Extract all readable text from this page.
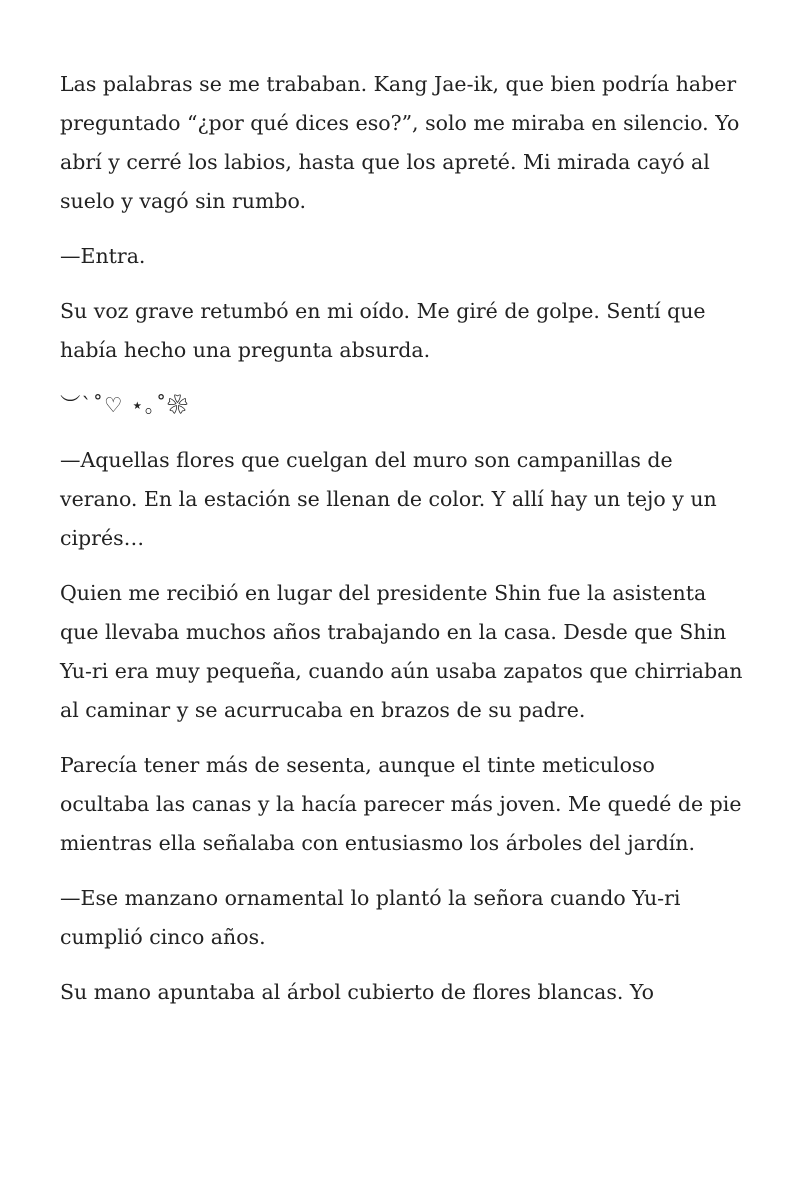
Las palabras se me trababan. Kang Jae-ik, que bien podría haber preguntado “¿por qué dices eso?”, solo me miraba en silencio. Yo abrí y cerré los labios, hasta que los apreté. Mi mirada cayó al suelo y vagó sin rumbo.

—Entra.

Su voz grave retumbó en mi oído. Me giré de golpe. Sentí que había hecho una pregunta absurda.

︶`˚♡ ⋆｡˚❀

—Aquellas flores que cuelgan del muro son campanillas de verano. En la estación se llenan de color. Y allí hay un tejo y un ciprés…

Quien me recibió en lugar del presidente Shin fue la asistenta que llevaba muchos años trabajando en la casa. Desde que Shin Yu-ri era muy pequeña, cuando aún usaba zapatos que chirriaban al caminar y se acurrucaba en brazos de su padre.

Parecía tener más de sesenta, aunque el tinte meticuloso ocultaba las canas y la hacía parecer más joven. Me quedé de pie mientras ella señalaba con entusiasmo los árboles del jardín.

—Ese manzano ornamental lo plantó la señora cuando Yu-ri cumplió cinco años.

Su mano apuntaba al árbol cubierto de flores blancas. Yo
